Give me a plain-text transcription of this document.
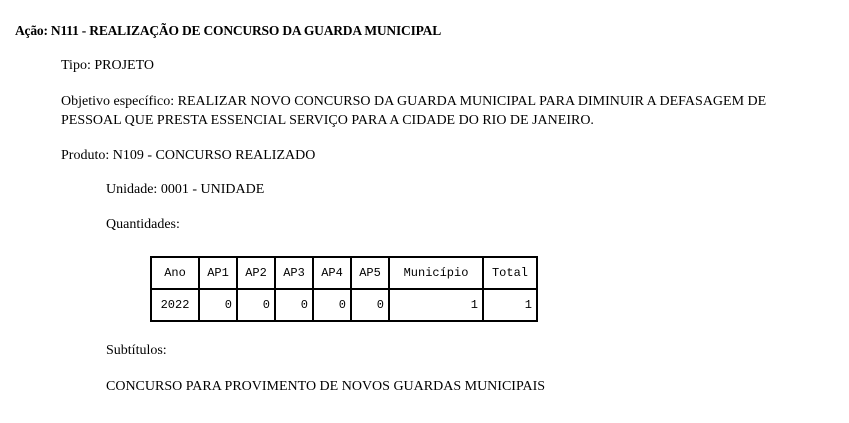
Ação: N111 - REALIZAÇÃO DE CONCURSO DA GUARDA MUNICIPAL
Tipo: PROJETO
Objetivo específico: REALIZAR NOVO CONCURSO DA GUARDA MUNICIPAL PARA DIMINUIR A DEFASAGEM DE
PESSOAL QUE PRESTA ESSENCIAL SERVIÇO PARA A CIDADE DO RIO DE JANEIRO.
Produto: N109 - CONCURSO REALIZADO
Unidade: 0001 - UNIDADE
Quantidades:
Ano	AP1	AP2	AP3	AP4	AP5	Município	Total
2022	0	0	0	0	0	1	1
Subtítulos:
CONCURSO PARA PROVIMENTO DE NOVOS GUARDAS MUNICIPAIS
